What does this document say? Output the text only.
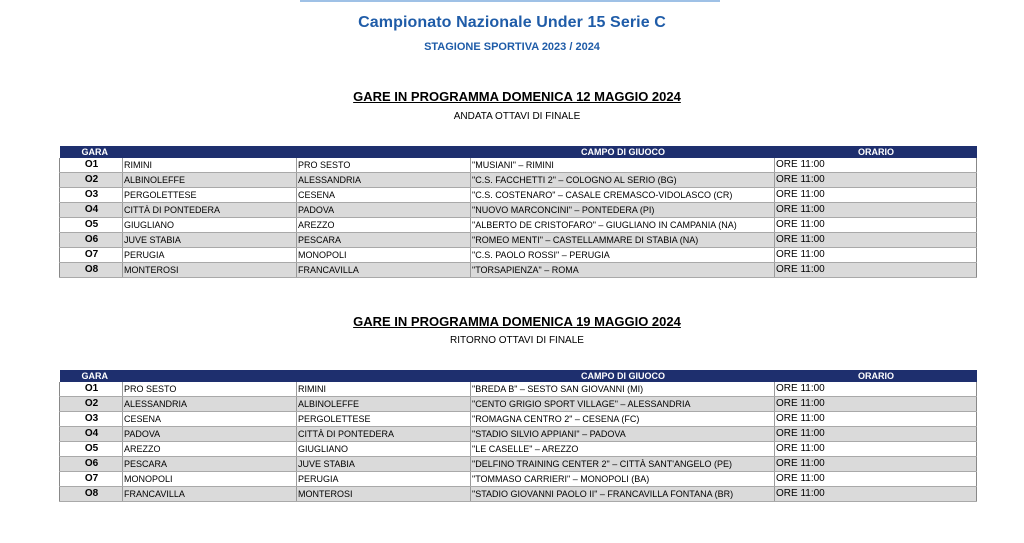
Campionato Nazionale Under 15 Serie C
STAGIONE SPORTIVA 2023 / 2024
GARE IN PROGRAMMA DOMENICA 12 MAGGIO 2024
ANDATA OTTAVI DI FINALE
GARA			CAMPO DI GIUOCO	ORARIO
O1	RIMINI	PRO SESTO	"MUSIANI" – RIMINI	ORE 11:00
O2	ALBINOLEFFE	ALESSANDRIA	"C.S. FACCHETTI 2" – COLOGNO AL SERIO (BG)	ORE 11:00
O3	PERGOLETTESE	CESENA	"C.S. COSTENARO" – CASALE CREMASCO-VIDOLASCO (CR)	ORE 11:00
O4	CITTÀ DI PONTEDERA	PADOVA	"NUOVO MARCONCINI" – PONTEDERA (PI)	ORE 11:00
O5	GIUGLIANO	AREZZO	"ALBERTO DE CRISTOFARO" – GIUGLIANO IN CAMPANIA (NA)	ORE 11:00
O6	JUVE STABIA	PESCARA	"ROMEO MENTI" – CASTELLAMMARE DI STABIA (NA)	ORE 11:00
O7	PERUGIA	MONOPOLI	"C.S. PAOLO ROSSI" – PERUGIA	ORE 11:00
O8	MONTEROSI	FRANCAVILLA	"TORSAPIENZA" – ROMA	ORE 11:00
GARE IN PROGRAMMA DOMENICA 19 MAGGIO 2024
RITORNO OTTAVI DI FINALE
GARA			CAMPO DI GIUOCO	ORARIO
O1	PRO SESTO	RIMINI	"BREDA B" – SESTO SAN GIOVANNI (MI)	ORE 11:00
O2	ALESSANDRIA	ALBINOLEFFE	"CENTO GRIGIO SPORT VILLAGE" – ALESSANDRIA	ORE 11:00
O3	CESENA	PERGOLETTESE	"ROMAGNA CENTRO 2" – CESENA (FC)	ORE 11:00
O4	PADOVA	CITTÀ DI PONTEDERA	"STADIO SILVIO APPIANI" – PADOVA	ORE 11:00
O5	AREZZO	GIUGLIANO	"LE CASELLE" – AREZZO	ORE 11:00
O6	PESCARA	JUVE STABIA	"DELFINO TRAINING CENTER 2" – CITTÀ SANT'ANGELO (PE)	ORE 11:00
O7	MONOPOLI	PERUGIA	"TOMMASO CARRIERI" – MONOPOLI (BA)	ORE 11:00
O8	FRANCAVILLA	MONTEROSI	"STADIO GIOVANNI PAOLO II" – FRANCAVILLA FONTANA (BR)	ORE 11:00
